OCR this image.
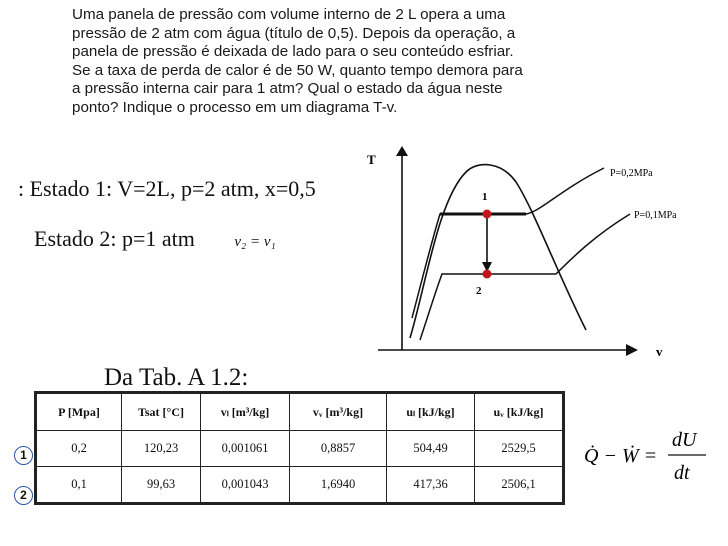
Uma panela de pressão com volume interno de 2 L opera a uma
pressão de 2 atm com água (título de 0,5). Depois da operação, a
panela de pressão é deixada de lado para o seu conteúdo esfriar.
Se a taxa de perda de calor é de 50 W, quanto tempo demora para
a pressão interna cair para 1 atm? Qual o estado da água neste
ponto? Indique o processo em um diagrama T-v.
: Estado 1: V=2L, p=2 atm, x=0,5
Estado 2: p=1 atm	v₂ = v₁
T
v
P=0,2MPa
P=0,1MPa
1
2
Da Tab. A 1.2:
P [Mpa]	Tsat [°C]	vₗ [m³/kg]	vᵥ [m³/kg]	uₗ [kJ/kg]	uᵥ [kJ/kg]
0,2	120,23	0,001061	0,8857	504,49	2529,5
0,1	99,63	0,001043	1,6940	417,36	2506,1
1
2
Q̇ − Ẇ =
dU
dt
